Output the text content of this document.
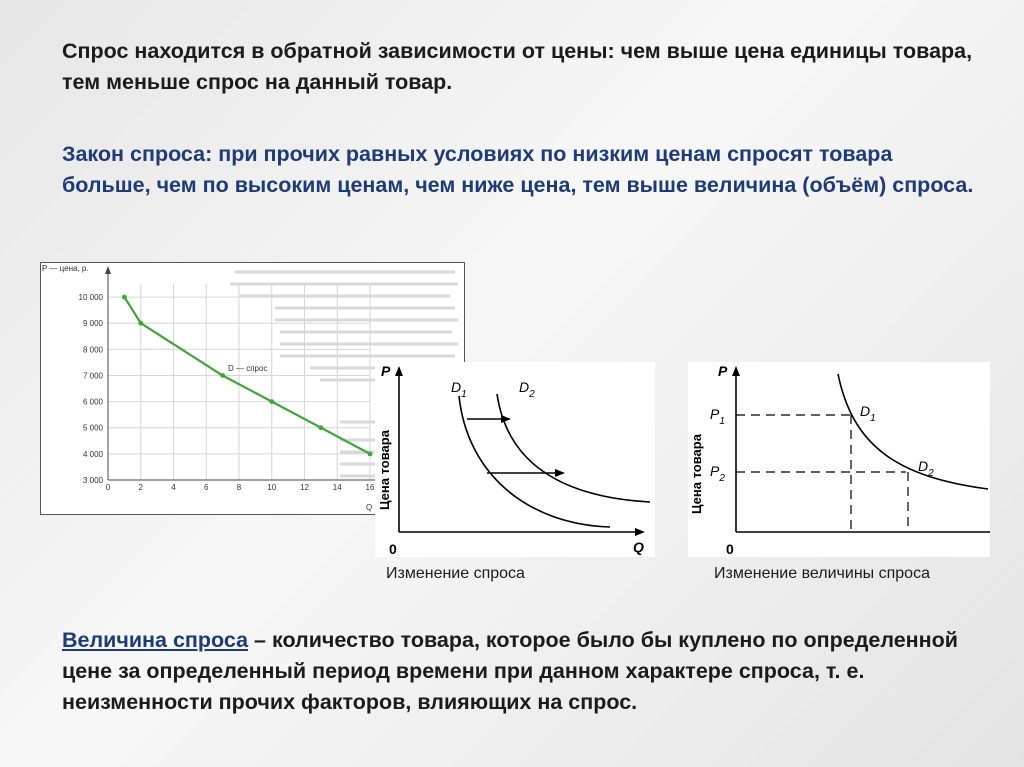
Спрос находится в обратной зависимости от цены: чем выше цена единицы товара, тем меньше спрос на данный товар.
Закон спроса: при прочих равных условиях по низким ценам спросят товара больше, чем по высоким ценам, чем ниже цена, тем выше величина (объём) спроса.
3 000
4 000
5 000
6 000
7 000
8 000
9 000
10 000
0	2	4	6	8	10	12	14	16
P — цена, р.
D — спрос
Q
P
Q
0
Цена товара
$D_1$	$D_2$
P
0
Цена товара
$P_1$
$P_2$
$D_1$
$D_2$
Изменение спроса	Изменение величины спроса
Величина спроса – количество товара, которое было бы куплено по определенной цене за определенный период времени при данном характере спроса, т. е. неизменности прочих факторов, влияющих на спрос.
